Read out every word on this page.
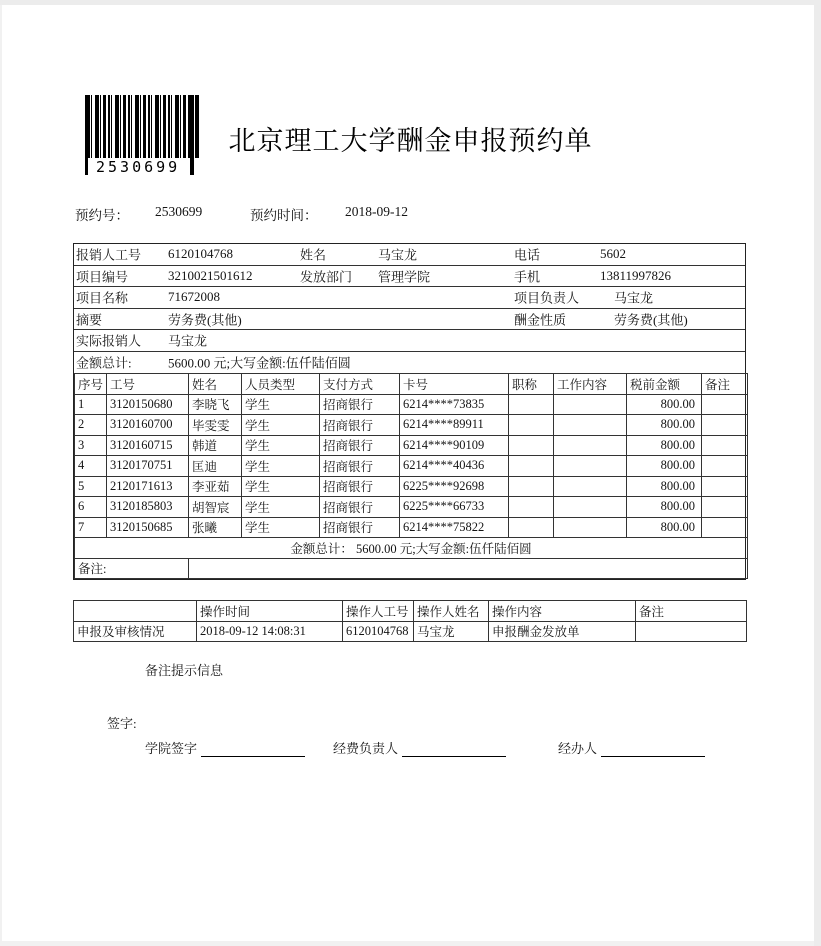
2530699
北京理工大学酬金申报预约单
预约号： 2530699	预约时间： 2018-09-12
报销人工号 6120104768	姓名	马宝龙	电话	5602
项目编号	3210021501612	发放部门 管理学院	手机	13811997826
项目名称	71672008	项目负责人	马宝龙
摘要	劳务费(其他)	酬金性质	劳务费(其他)
实际报销人 马宝龙
金额总计:	5600.00 元;大写金额:伍仟陆佰圆
序号	工号	姓名	人员类型	支付方式	卡号	职称	工作内容	税前金额	备注
1	3120150680	李晓飞	学生	招商银行	6214****73835			800.00	
2	3120160700	毕雯雯	学生	招商银行	6214****89911			800.00	
3	3120160715	韩道	学生	招商银行	6214****90109			800.00	
4	3120170751	匡迪	学生	招商银行	6214****40436			800.00	
5	2120171613	李亚茹	学生	招商银行	6225****92698			800.00	
6	3120185803	胡智宸	学生	招商银行	6225****66733			800.00	
7	3120150685	张曦	学生	招商银行	6214****75822			800.00	
金额总计： 5600.00 元;大写金额:伍仟陆佰圆									
备注:									
	操作时间	操作人工号	操作人姓名	操作内容	备注
申报及审核情况	2018-09-12 14:08:31	6120104768	马宝龙	申报酬金发放单	
备注提示信息
签字:
学院签字	经费负责人	经办人
